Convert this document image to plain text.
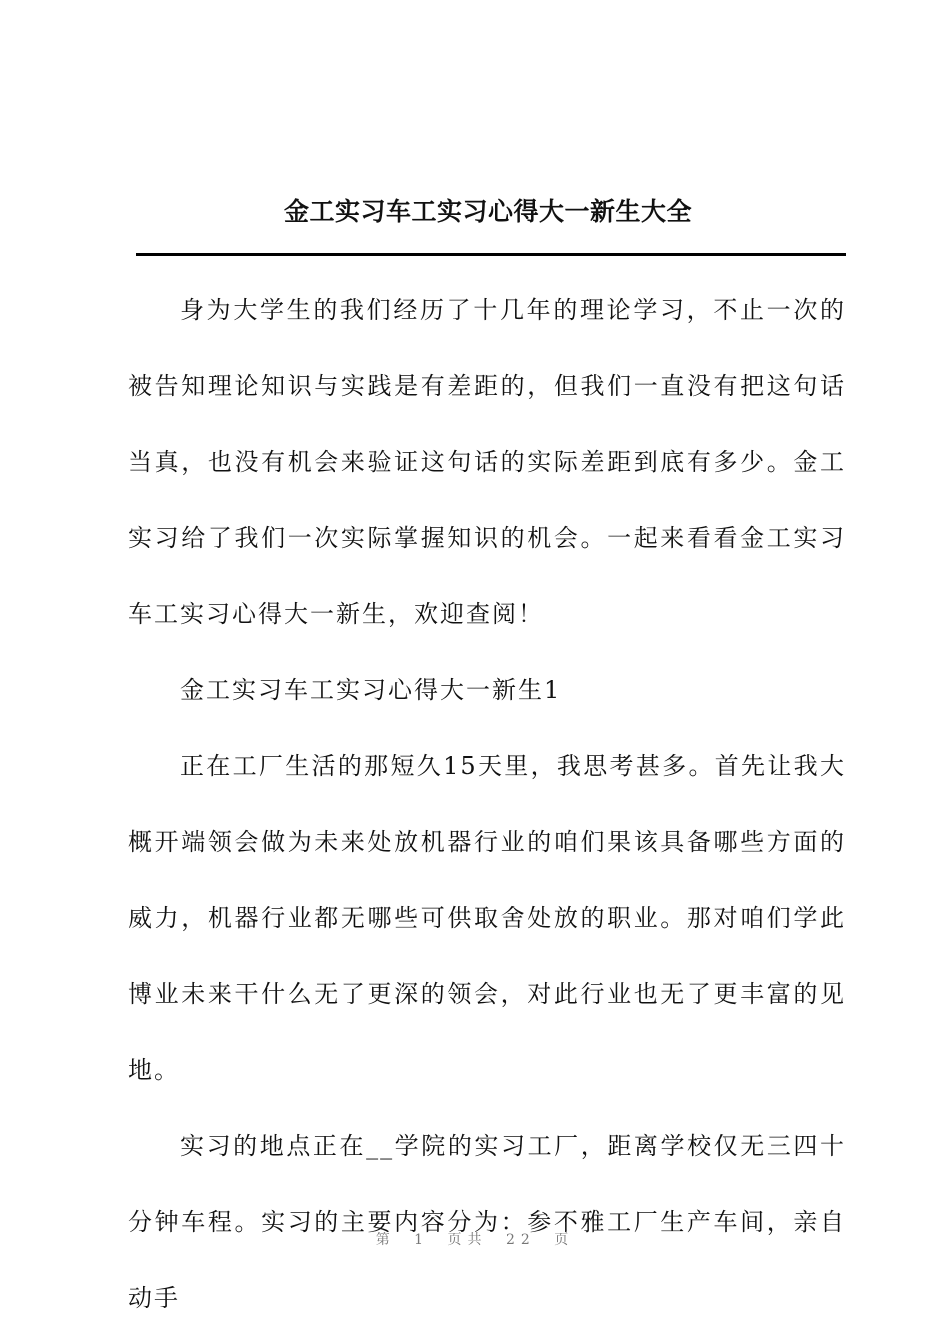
金工实习车工实习心得大一新生大全

身为大学生的我们经历了十几年的理论学习，不止一次的被告知理论知识与实践是有差距的，但我们一直没有把这句话当真，也没有机会来验证这句话的实际差距到底有多少。金工实习给了我们一次实际掌握知识的机会。一起来看看金工实习车工实习心得大一新生，欢迎查阅！

金工实习车工实习心得大一新生1

正在工厂生活的那短久15天里，我思考甚多。首先让我大概开端领会做为未来处放机器行业的咱们果该具备哪些方面的威力，机器行业都无哪些可供取舍处放的职业。那对咱们学此博业未来干什么无了更深的领会，对此行业也无了更丰富的见地。

实习的地点正在__学院的实习工厂，距离学校仅无三四十分钟车程。实习的主要内容分为：参不雅工厂生产车间，亲自动手

第 1 页共 22 页
